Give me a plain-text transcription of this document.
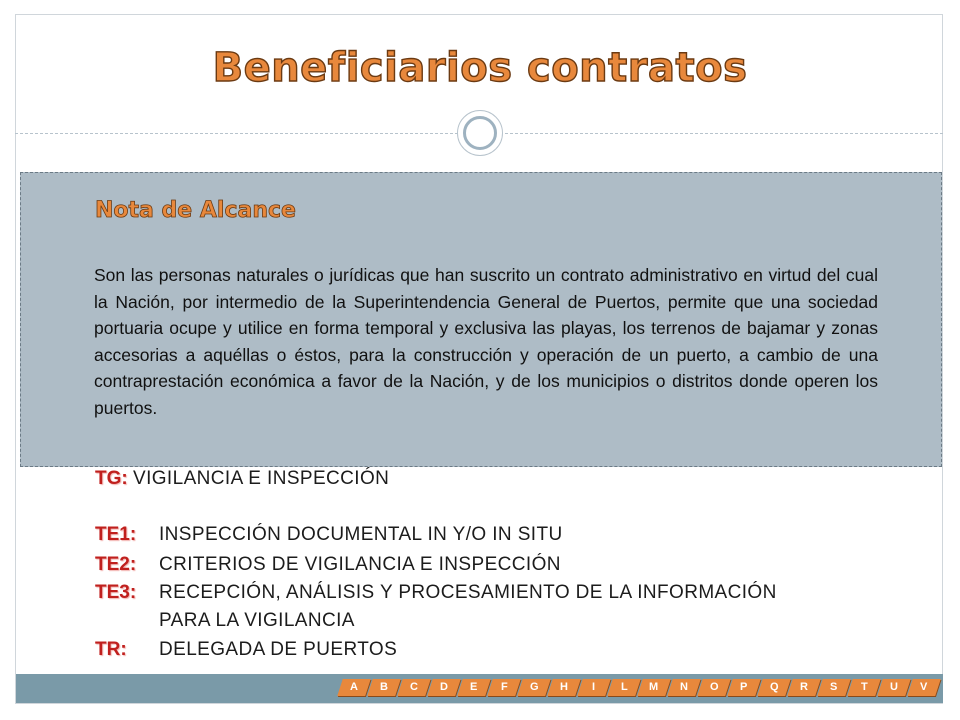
Beneficiarios contratos
Nota de Alcance
Son las personas naturales o jurídicas que han suscrito un contrato administrativo en virtud del cual la Nación, por intermedio de la Superintendencia General de Puertos, permite que una sociedad portuaria ocupe y utilice en forma temporal y exclusiva las playas, los terrenos de bajamar y zonas accesorias a aquéllas o éstos, para la construcción y operación de un puerto, a cambio de una contraprestación económica a favor de la Nación, y de los municipios o distritos donde operen los puertos.
TG: VIGILANCIA E INSPECCIÓN
TE1: INSPECCIÓN DOCUMENTAL IN Y/O IN SITU
TE2: CRITERIOS DE VIGILANCIA E INSPECCIÓN
TE3: RECEPCIÓN, ANÁLISIS Y PROCESAMIENTO DE LA INFORMACIÓN
PARA LA VIGILANCIA
TR: DELEGADA DE PUERTOS
A	B	C	D	E	F	G	H	I	L	M	N	O	P	Q	R	S	T	U	V
